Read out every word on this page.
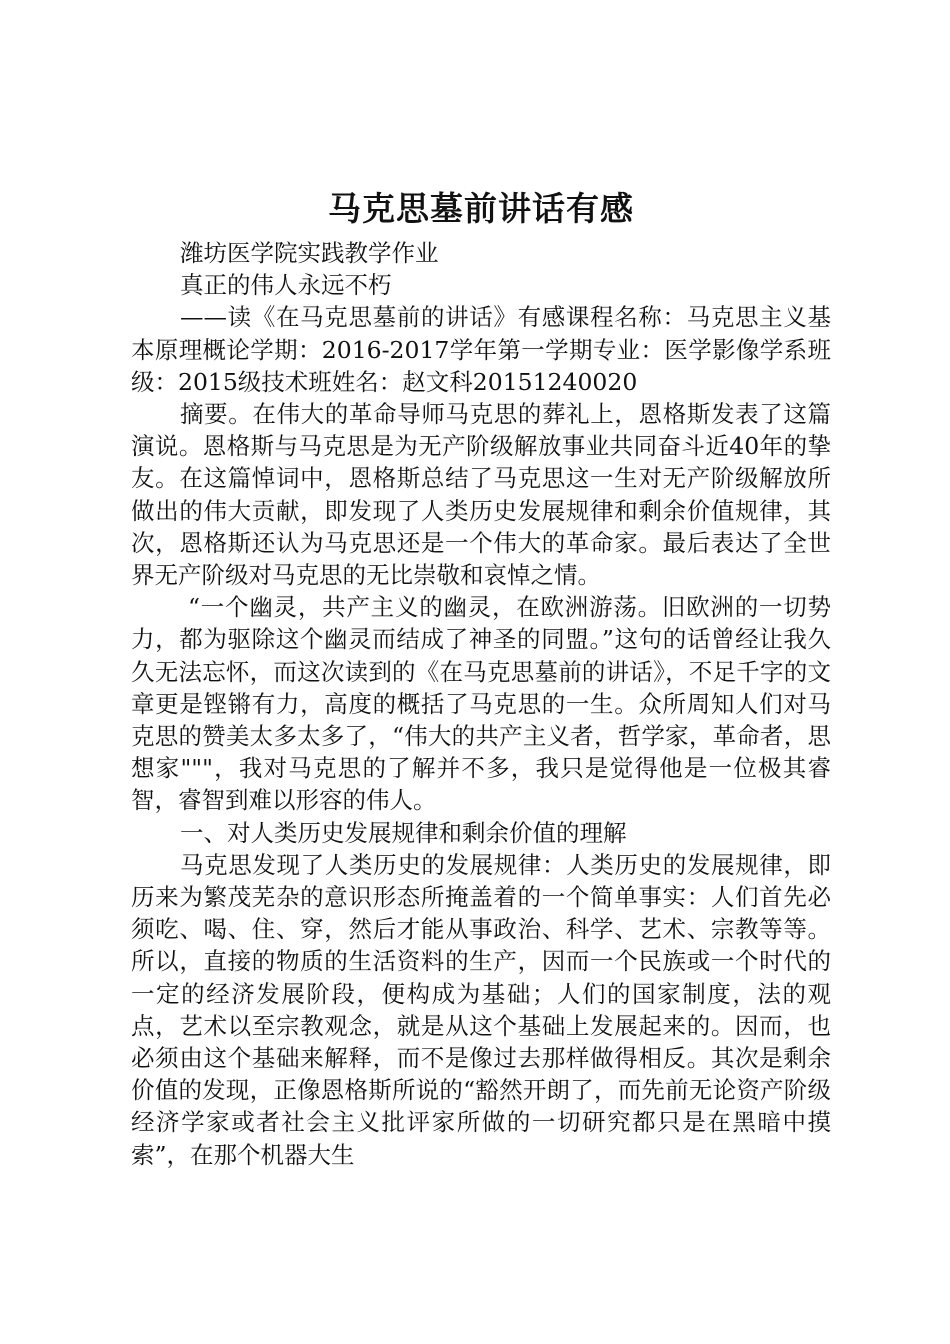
马克思墓前讲话有感

潍坊医学院实践教学作业

真正的伟人永远不朽

——读《在马克思墓前的讲话》有感课程名称：马克思主义基本原理概论学期：2016-2017学年第一学期专业：医学影像学系班级：2015级技术班姓名：赵文科20151240020

摘要。在伟大的革命导师马克思的葬礼上，恩格斯发表了这篇演说。恩格斯与马克思是为无产阶级解放事业共同奋斗近40年的挚友。在这篇悼词中，恩格斯总结了马克思这一生对无产阶级解放所做出的伟大贡献，即发现了人类历史发展规律和剩余价值规律，其次，恩格斯还认为马克思还是一个伟大的革命家。最后表达了全世界无产阶级对马克思的无比崇敬和哀悼之情。

“一个幽灵，共产主义的幽灵，在欧洲游荡。旧欧洲的一切势力，都为驱除这个幽灵而结成了神圣的同盟。”这句的话曾经让我久久无法忘怀，而这次读到的《在马克思墓前的讲话》，不足千字的文章更是铿锵有力，高度的概括了马克思的一生。众所周知人们对马克思的赞美太多太多了，“伟大的共产主义者，哲学家，革命者，思想家"""，我对马克思的了解并不多，我只是觉得他是一位极其睿智，睿智到难以形容的伟人。

一、对人类历史发展规律和剩余价值的理解

马克思发现了人类历史的发展规律：人类历史的发展规律，即历来为繁茂芜杂的意识形态所掩盖着的一个简单事实：人们首先必须吃、喝、住、穿，然后才能从事政治、科学、艺术、宗教等等。所以，直接的物质的生活资料的生产，因而一个民族或一个时代的一定的经济发展阶段，便构成为基础；人们的国家制度，法的观点，艺术以至宗教观念，就是从这个基础上发展起来的。因而，也必须由这个基础来解释，而不是像过去那样做得相反。其次是剩余价值的发现，正像恩格斯所说的“豁然开朗了，而先前无论资产阶级经济学家或者社会主义批评家所做的一切研究都只是在黑暗中摸索”，在那个机器大生
